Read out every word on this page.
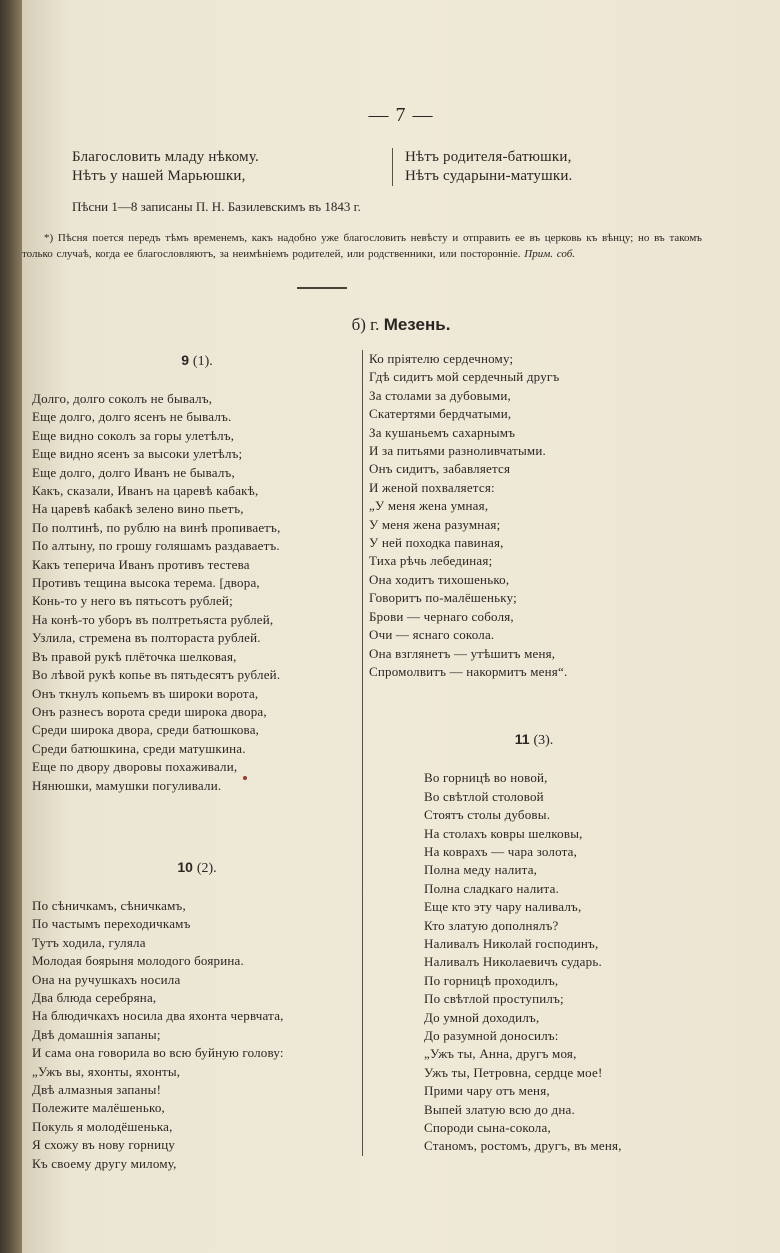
— 7 —
Благословить младу нѣкому.
Нѣтъ у нашей Марьюшки,
Нѣтъ родителя-батюшки,
Нѣтъ сударыни-матушки.
Пѣсни 1—8 записаны П. Н. Базилевскимъ въ 1843 г.
*) Пѣсня поется передъ тѣмъ временемъ, какъ надобно уже благословить невѣсту и отправить ее въ церковь къ вѣнцу; но въ такомъ только случаѣ, когда ее благословляютъ, за неимѣніемъ родителей, или родственники, или посторонніе. Прим. соб.
б) г. Мезень.
9 (1).
Долго, долго соколъ не бывалъ,
Еще долго, долго ясенъ не бывалъ.
Еще видно соколъ за горы улетѣлъ,
Еще видно ясенъ за высоки улетѣлъ;
Еще долго, долго Иванъ не бывалъ,
Какъ, сказали, Иванъ на царевѣ кабакѣ,
На царевѣ кабакѣ зелено вино пьетъ,
По полтинѣ, по рублю на винѣ пропиваетъ,
По алтыну, по грошу голяшамъ раздаваетъ.
Какъ теперича Иванъ противъ тестева
Противъ тещина высока терема. [двора,
Конь-то у него въ пятьсотъ рублей;
На конѣ-то уборъ въ полтретьяста рублей,
Узлила, стремена въ полтораста рублей.
Въ правой рукѣ плёточка шелковая,
Во лѣвой рукѣ копье въ пятьдесятъ рублей.
Онъ ткнулъ копьемъ въ широки ворота,
Онъ разнесъ ворота среди широка двора,
Среди широка двора, среди батюшкова,
Среди батюшкина, среди матушкина.
Еще по двору дворовы похаживали,
Нянюшки, мамушки погуливали.
10 (2).
По сѣничкамъ, сѣничкамъ,
По частымъ переходичкамъ
Тутъ ходила, гуляла
Молодая боярыня молодого боярина.
Она на ручушкахъ носила
Два блюда серебряна,
На блюдичкахъ носила два яхонта червчата,
Двѣ домашнія запаны;
И сама она говорила во всю буйную голову:
„Ужъ вы, яхонты, яхонты,
Двѣ алмазныя запаны!
Полежите малёшенько,
Покуль я молодёшенька,
Я схожу въ нову горницу
Къ своему другу милому,
Ко пріятелю сердечному;
Гдѣ сидитъ мой сердечный другъ
За столами за дубовыми,
Скатертями бердчатыми,
За кушаньемъ сахарнымъ
И за питьями разноливчатыми.
Онъ сидитъ, забавляется
И женой похваляется:
„У меня жена умная,
У меня жена разумная;
У ней походка павиная,
Тиха рѣчь лебединая;
Она ходитъ тихошенько,
Говоритъ по-малёшеньку;
Брови — чернаго соболя,
Очи — яснаго сокола.
Она взглянетъ — утѣшитъ меня,
Спромолвитъ — накормитъ меня“.
11 (3).
Во горницѣ во новой,
Во свѣтлой столовой
Стоятъ столы дубовы.
На столахъ ковры шелковы,
На коврахъ — чара золота,
Полна меду налита,
Полна сладкаго налита.
Еще кто эту чару наливалъ,
Кто златую дополнялъ?
Наливалъ Николай господинъ,
Наливалъ Николаевичъ сударь.
По горницѣ проходилъ,
По свѣтлой проступилъ;
До умной доходилъ,
До разумной доносилъ:
„Ужъ ты, Анна, другъ моя,
Ужъ ты, Петровна, сердце мое!
Прими чару отъ меня,
Выпей златую всю до дна.
Спороди сына-сокола,
Станомъ, ростомъ, другъ, въ меня,
